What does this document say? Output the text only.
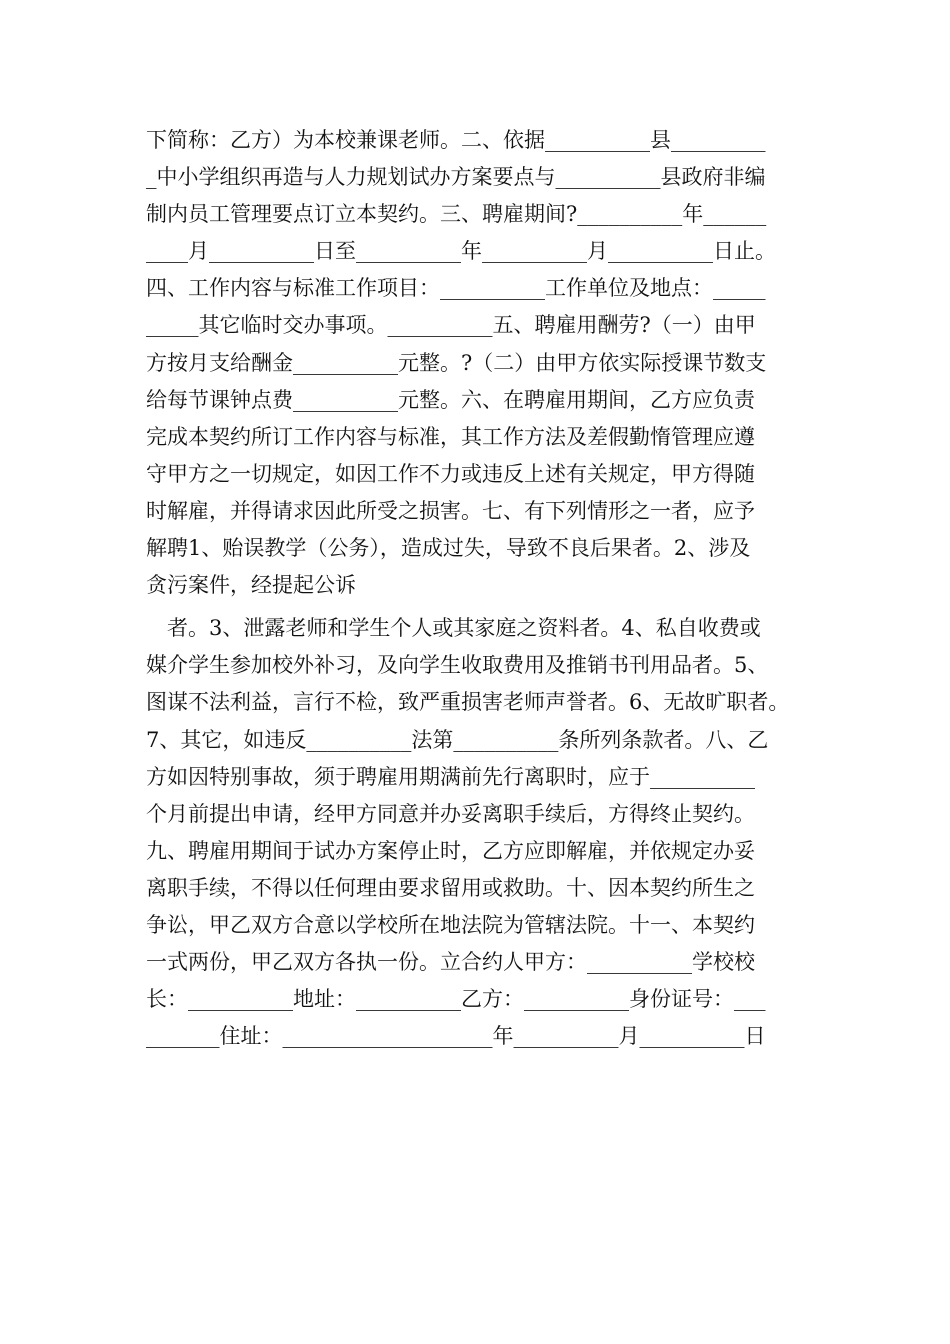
下简称：乙方）为本校兼课老师。二、依据__________县_________
_中小学组织再造与人力规划试办方案要点与__________县政府非编
制内员工管理要点订立本契约。三、聘雇期间?__________年______
____月__________日至__________年__________月__________日止。
四、工作内容与标准工作项目：__________工作单位及地点：_____
_____其它临时交办事项。__________五、聘雇用酬劳?（一）由甲
方按月支给酬金__________元整。?（二）由甲方依实际授课节数支
给每节课钟点费__________元整。六、在聘雇用期间，乙方应负责
完成本契约所订工作内容与标准，其工作方法及差假勤惰管理应遵
守甲方之一切规定，如因工作不力或违反上述有关规定，甲方得随
时解雇，并得请求因此所受之损害。七、有下列情形之一者，应予
解聘1、贻误教学（公务），造成过失，导致不良后果者。2、涉及
贪污案件，经提起公诉
　者。3、泄露老师和学生个人或其家庭之资料者。4、私自收费或
媒介学生参加校外补习，及向学生收取费用及推销书刊用品者。5、
图谋不法利益，言行不检，致严重损害老师声誉者。6、无故旷职者。
7、其它，如违反__________法第__________条所列条款者。八、乙
方如因特别事故，须于聘雇用期满前先行离职时，应于__________
个月前提出申请，经甲方同意并办妥离职手续后，方得终止契约。
九、聘雇用期间于试办方案停止时，乙方应即解雇，并依规定办妥
离职手续，不得以任何理由要求留用或救助。十、因本契约所生之
争讼，甲乙双方合意以学校所在地法院为管辖法院。十一、本契约
一式两份，甲乙双方各执一份。立合约人甲方：__________学校校
长：__________地址：__________乙方：__________身份证号：___
_______住址：____________________年__________月__________日
